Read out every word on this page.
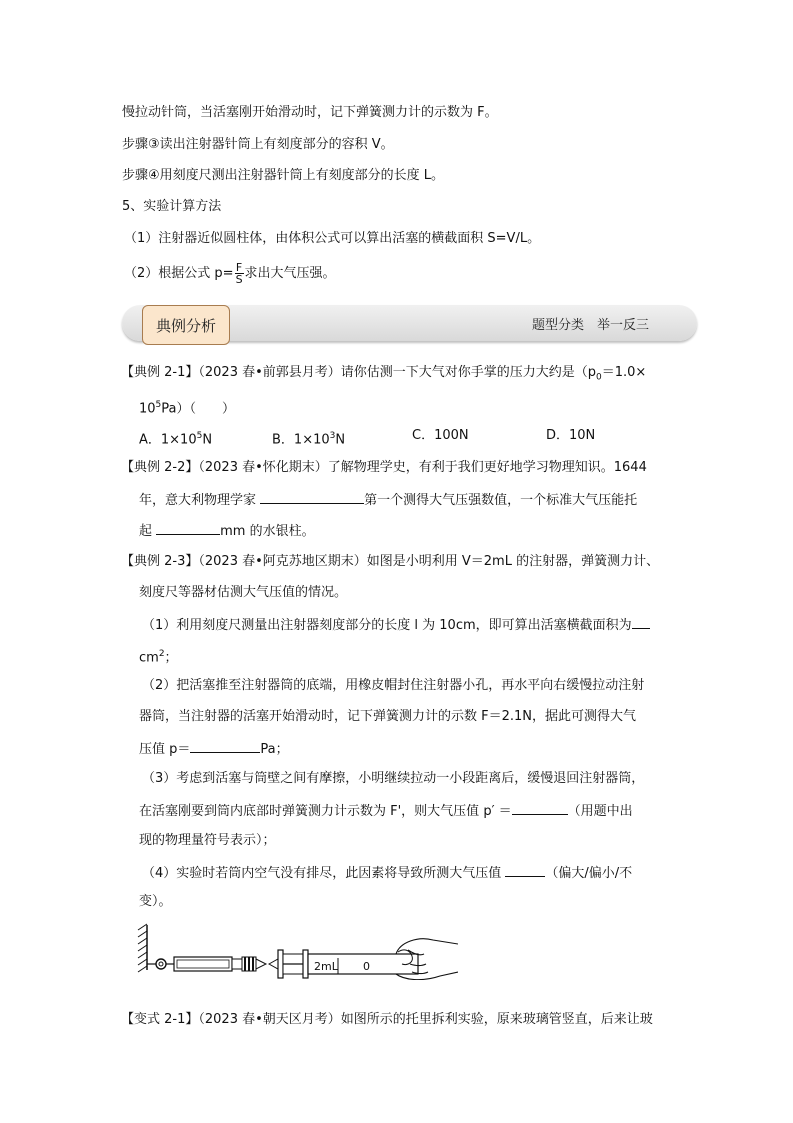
慢拉动针筒，当活塞刚开始滑动时，记下弹簧测力计的示数为 F。
步骤③读出注射器针筒上有刻度部分的容积 V。
步骤④用刻度尺测出注射器针筒上有刻度部分的长度 L。
5、实验计算方法
（1）注射器近似圆柱体，由体积公式可以算出活塞的横截面积 S=V/L。
（2）根据公式 $p= \frac{F}{S}$ 求出大气压强。
典例分析	题型分类　举一反三
【典例 2-1】（2023 春•前郭县月考）请你估测一下大气对你手掌的压力大约是（$p_0=1.0\times$
$10^5Pa$）（　　）
A．$1\times 10^5N$	B．$1\times 10^3N$	C．100N	D．10N
【典例 2-2】（2023 春•怀化期末）了解物理学史，有利于我们更好地学习物理知识。1644
年，意大利物理学家	第一个测得大气压强数值，一个标准大气压能托
起	mm 的水银柱。
【典例 2-3】（2023 春•阿克苏地区期末）如图是小明利用 V＝2mL 的注射器，弹簧测力计、
刻度尺等器材估测大气压值的情况。
（1）利用刻度尺测量出注射器刻度部分的长度 l 为 10cm，即可算出活塞横截面积为
$cm^2$；
（2）把活塞推至注射器筒的底端，用橡皮帽封住注射器小孔，再水平向右缓慢拉动注射
器筒，当注射器的活塞开始滑动时，记下弹簧测力计的示数 F＝2.1N，据此可测得大气
压值 p＝	Pa；
（3）考虑到活塞与筒壁之间有摩擦，小明继续拉动一小段距离后，缓慢退回注射器筒，
在活塞刚要到筒内底部时弹簧测力计示数为 F'，则大气压值 p′ ＝	（用题中出
现的物理量符号表示）；
（4）实验时若筒内空气没有排尽，此因素将导致所测大气压值	（偏大/偏小/不
变）。
2mL 0
【变式 2-1】（2023 春•朝天区月考）如图所示的托里拆利实验，原来玻璃管竖直，后来让玻
